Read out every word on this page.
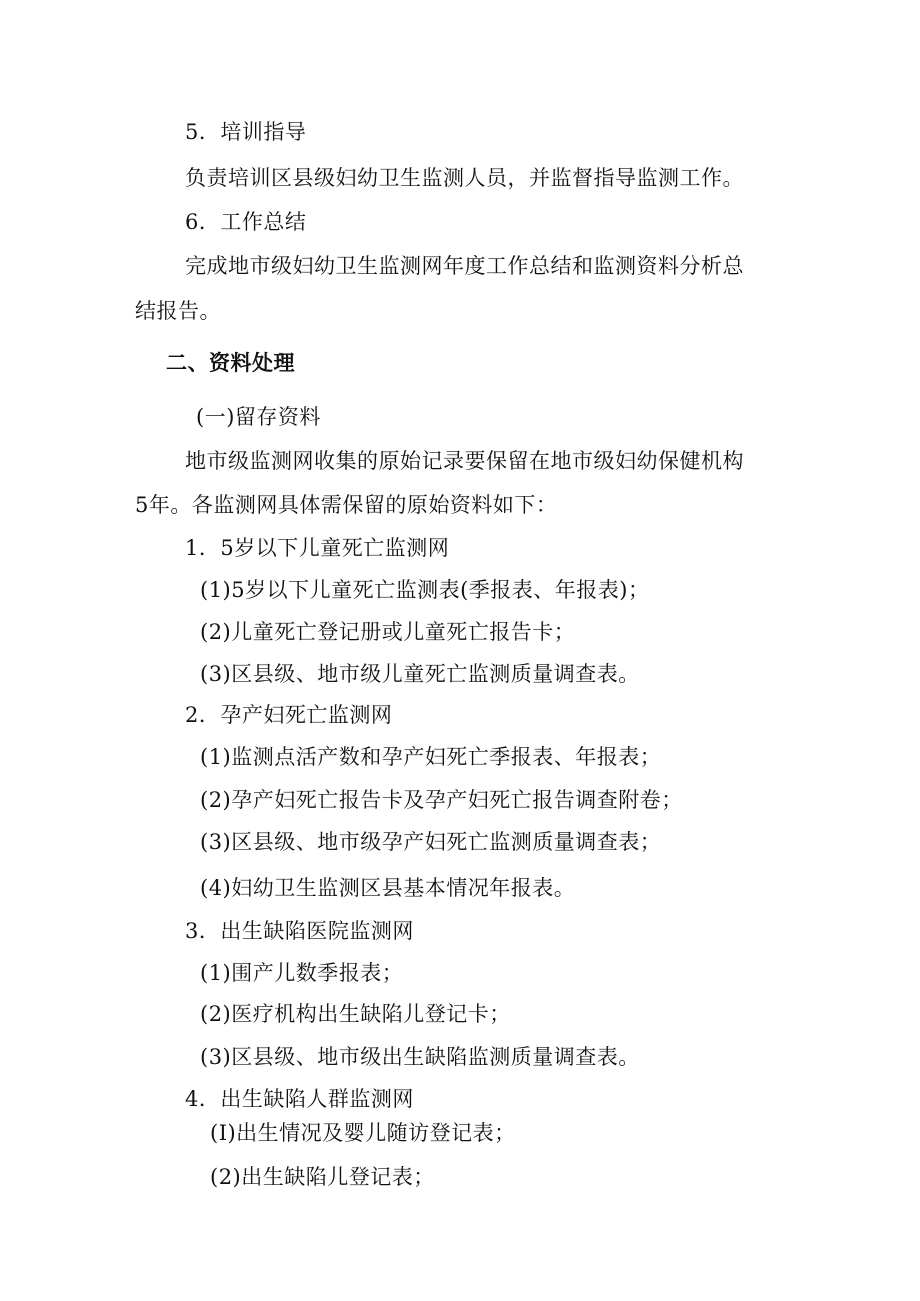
5．培训指导
负责培训区县级妇幼卫生监测人员，并监督指导监测工作。
6．工作总结
完成地市级妇幼卫生监测网年度工作总结和监测资料分析总
结报告。
二、资料处理
(一)留存资料
地市级监测网收集的原始记录要保留在地市级妇幼保健机构
5年。各监测网具体需保留的原始资料如下：
1．5岁以下儿童死亡监测网
(1)5岁以下儿童死亡监测表(季报表、年报表)；
(2)儿童死亡登记册或儿童死亡报告卡；
(3)区县级、地市级儿童死亡监测质量调查表。
2．孕产妇死亡监测网
(1)监测点活产数和孕产妇死亡季报表、年报表；
(2)孕产妇死亡报告卡及孕产妇死亡报告调查附卷；
(3)区县级、地市级孕产妇死亡监测质量调查表；
(4)妇幼卫生监测区县基本情况年报表。
3．出生缺陷医院监测网
(1)围产儿数季报表；
(2)医疗机构出生缺陷儿登记卡；
(3)区县级、地市级出生缺陷监测质量调查表。
4．出生缺陷人群监测网
(I)出生情况及婴儿随访登记表；
(2)出生缺陷儿登记表；
